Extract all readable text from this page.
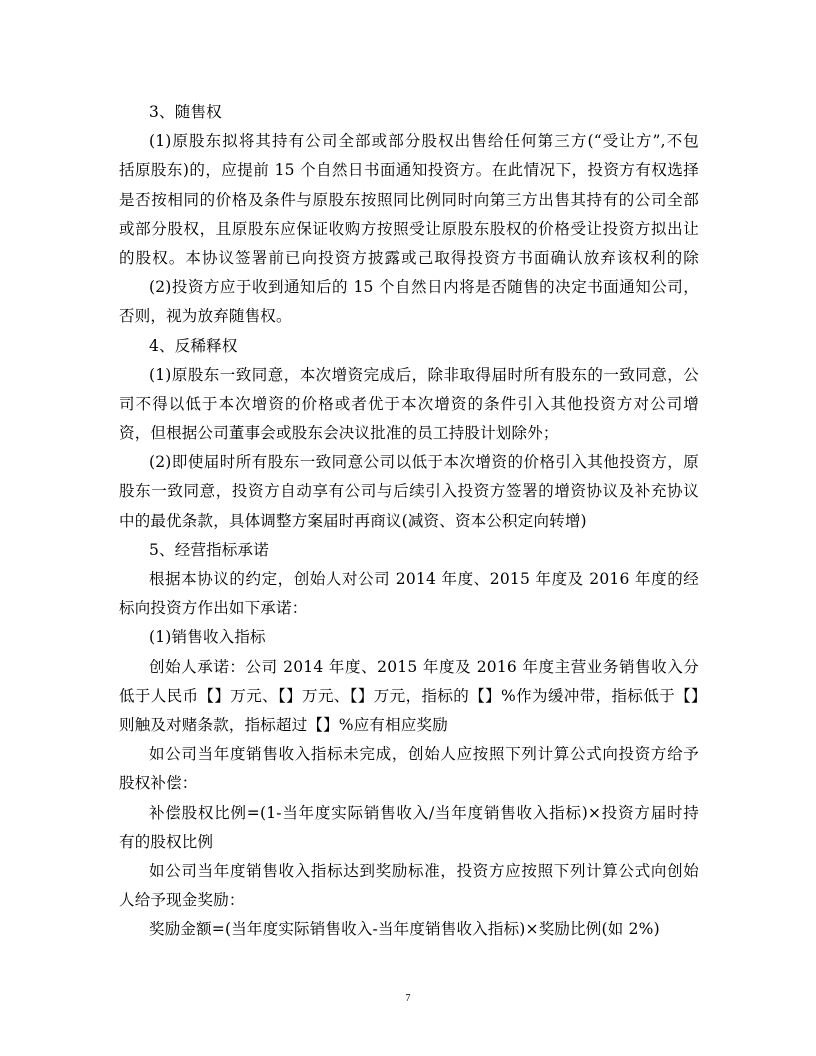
3、随售权
(1)原股东拟将其持有公司全部或部分股权出售给任何第三方(“受让方”,不包
括原股东)的，应提前 15 个自然日书面通知投资方。在此情况下，投资方有权选择
是否按相同的价格及条件与原股东按照同比例同时向第三方出售其持有的公司全部
或部分股权，且原股东应保证收购方按照受让原股东股权的价格受让投资方拟出让
的股权。本协议签署前已向投资方披露或己取得投资方书面确认放弃该权利的除
(2)投资方应于收到通知后的 15 个自然日内将是否随售的决定书面通知公司，
否则，视为放弃随售权。
4、反稀释权
(1)原股东一致同意，本次增资完成后，除非取得届时所有股东的一致同意，公
司不得以低于本次增资的价格或者优于本次增资的条件引入其他投资方对公司增
资，但根据公司董事会或股东会决议批准的员工持股计划除外；
(2)即使届时所有股东一致同意公司以低于本次增资的价格引入其他投资方，原
股东一致同意，投资方自动享有公司与后续引入投资方签署的增资协议及补充协议
中的最优条款，具体调整方案届时再商议(减资、资本公积定向转增)
5、经营指标承诺
根据本协议的约定，创始人对公司 2014 年度、2015 年度及 2016 年度的经
标向投资方作出如下承诺：
(1)销售收入指标
创始人承诺：公司 2014 年度、2015 年度及 2016 年度主营业务销售收入分
低于人民币【】万元、【】万元、【】万元，指标的【】%作为缓冲带，指标低于【】
则触及对赌条款，指标超过【】%应有相应奖励
如公司当年度销售收入指标未完成，创始人应按照下列计算公式向投资方给予
股权补偿：
补偿股权比例=(1-当年度实际销售收入/当年度销售收入指标)×投资方届时持
有的股权比例
如公司当年度销售收入指标达到奖励标准，投资方应按照下列计算公式向创始
人给予现金奖励：
奖励金额=(当年度实际销售收入-当年度销售收入指标)×奖励比例(如 2%)
7
